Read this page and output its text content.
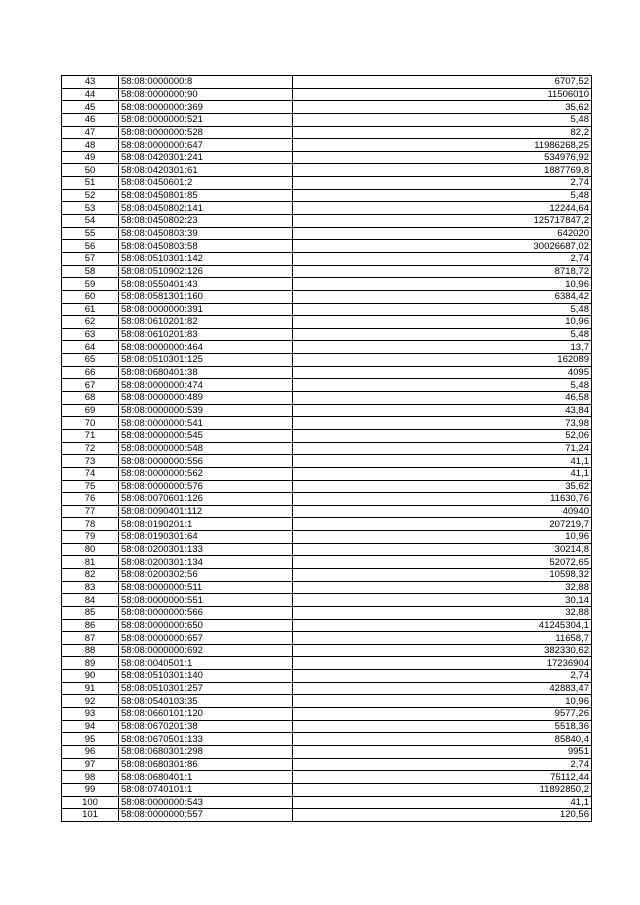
43	58:08:0000000:8	6707,52
44	58:08:0000000:90	11506010
45	58:08:0000000:369	35,62
46	58:08:0000000:521	5,48
47	58:08:0000000:528	82,2
48	58:08:0000000:647	11986268,25
49	58:08:0420301:241	534976,92
50	58:08:0420301:61	1887769,8
51	58:08:0450601:2	2,74
52	58:08:0450801:85	5,48
53	58:08:0450802:141	12244,64
54	58:08:0450802:23	125717847,2
55	58:08:0450803:39	642020
56	58:08:0450803:58	30026687,02
57	58:08:0510301:142	2,74
58	58:08:0510902:126	8718,72
59	58:08:0550401:43	10,96
60	58:08:0581301:160	6384,42
61	58:08:0000000:391	5,48
62	58:08:0610201:82	10,96
63	58:08:0610201:83	5,48
64	58:08:0000000:464	13,7
65	58:08:0510301:125	162089
66	58:08:0680401:38	4095
67	58:08:0000000:474	5,48
68	58:08:0000000:489	46,58
69	58:08:0000000:539	43,84
70	58:08:0000000:541	73,98
71	58:08:0000000:545	52,06
72	58:08:0000000:548	71,24
73	58:08:0000000:556	41,1
74	58:08:0000000:562	41,1
75	58:08:0000000:576	35,62
76	58:08:0070601:126	11630,76
77	58:08:0090401:112	40940
78	58:08:0190201:1	207219,7
79	58:08:0190301:64	10,96
80	58:08:0200301:133	30214,8
81	58:08:0200301:134	52072,65
82	58:08:0200302:56	10598,32
83	58:08:0000000:511	32,88
84	58:08:0000000:551	30,14
85	58:08:0000000:566	32,88
86	58:08:0000000:650	41245304,1
87	58:08:0000000:657	11658,7
88	58:08:0000000:692	382330,62
89	58:08:0040501:1	17236904
90	58:08:0510301:140	2,74
91	58:08:0510301:257	42883,47
92	58:08:0540103:35	10,96
93	58:08:0660101:120	9577,26
94	58:08:0670201:38	5518,36
95	58:08:0670501:133	85840,4
96	58:08:0680301:298	9951
97	58:08:0680301:86	2,74
98	58:08:0680401:1	75112,44
99	58:08:0740101:1	11892850,2
100	58:08:0000000:543	41,1
101	58:08:0000000:557	120,56
